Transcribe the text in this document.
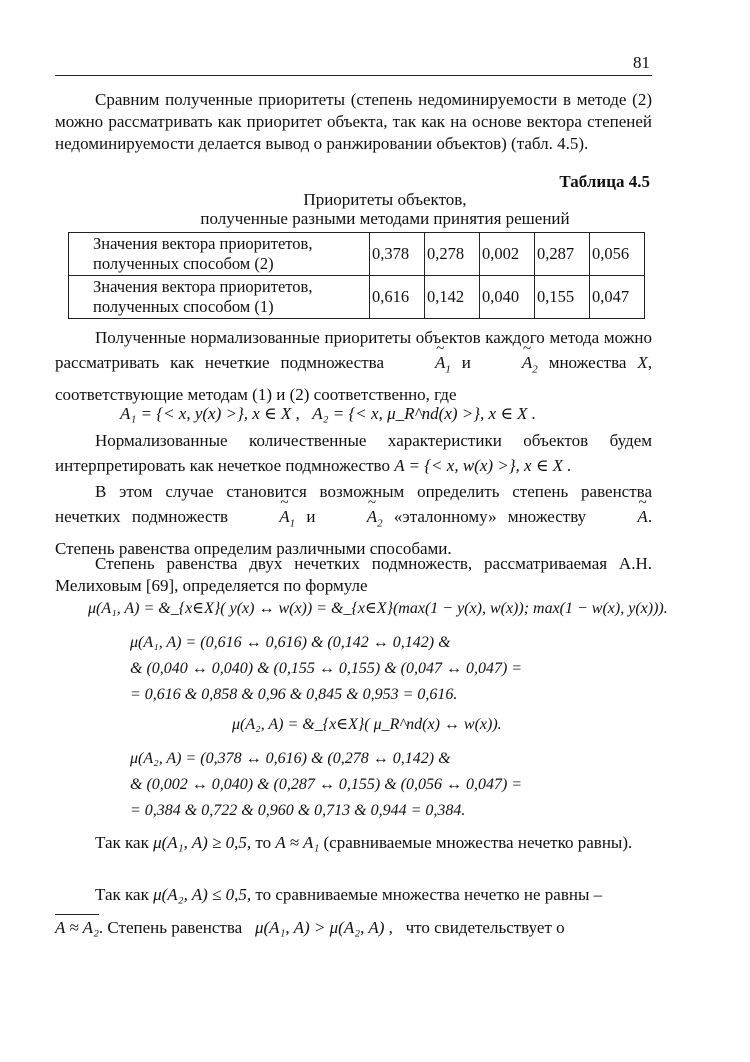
81
Сравним полученные приоритеты (степень недоминируемости в методе (2) можно рассматривать как приоритет объекта, так как на основе вектора степеней недоминируемости делается вывод о ранжировании объектов) (табл. 4.5).
Таблица 4.5
Приоритеты объектов,
полученные разными методами принятия решений
Значения вектора приоритетов,
полученных способом (2)	0,378	0,278	0,002	0,287	0,056
Значения вектора приоритетов,
полученных способом (1)	0,616	0,142	0,040	0,155	0,047
Полученные нормализованные приоритеты объектов каждого метода можно рассматривать как нечеткие подмножества	~ $A_1$ и	~ $A_2$ множества X, соответствующие методам (1) и (2) соответственно, где
A₁ = {< x, y(x) >}, x ∈ X , A₂ = {< x, μ_R^nd(x) >}, x ∈ X .
Нормализованные количественные характеристики объектов будем интерпретировать как нечеткое подмножество A = {< x, w(x) >}, x ∈ X .
В этом случае становится возможным определить степень равенства нечетких подмножеств	~ $A_1$ и	~ $A_2$ «эталонному» множеству	~ A. Степень равенства определим различными способами.
Степень равенства двух нечетких подмножеств, рассматриваемая А.Н. Мелиховым [69], определяется по формуле
μ(A₁, A) = &_{x∈X}( y(x) ↔ w(x)) = &_{x∈X}(max(1 − y(x), w(x)); max(1 − w(x), y(x))).
μ(A₁, A) = (0,616 ↔ 0,616) & (0,142 ↔ 0,142) &
& (0,040 ↔ 0,040) & (0,155 ↔ 0,155) & (0,047 ↔ 0,047) =
= 0,616 & 0,858 & 0,96 & 0,845 & 0,953 = 0,616.
μ(A₂, A) = &_{x∈X}( μ_R^nd(x) ↔ w(x)).
μ(A₂, A) = (0,378 ↔ 0,616) & (0,278 ↔ 0,142) &
& (0,002 ↔ 0,040) & (0,287 ↔ 0,155) & (0,056 ↔ 0,047) =
= 0,384 & 0,722 & 0,960 & 0,713 & 0,944 = 0,384.
Так как μ(A₁, A) ≥ 0,5, то A ≈ A₁ (сравниваемые множества нечетко равны).
Так как μ(A₂, A) ≤ 0,5, то сравниваемые множества нечетко не равны –
A ≈ A₂. Степень равенства μ(A₁, A) > μ(A₂, A) , что свидетельствует о
